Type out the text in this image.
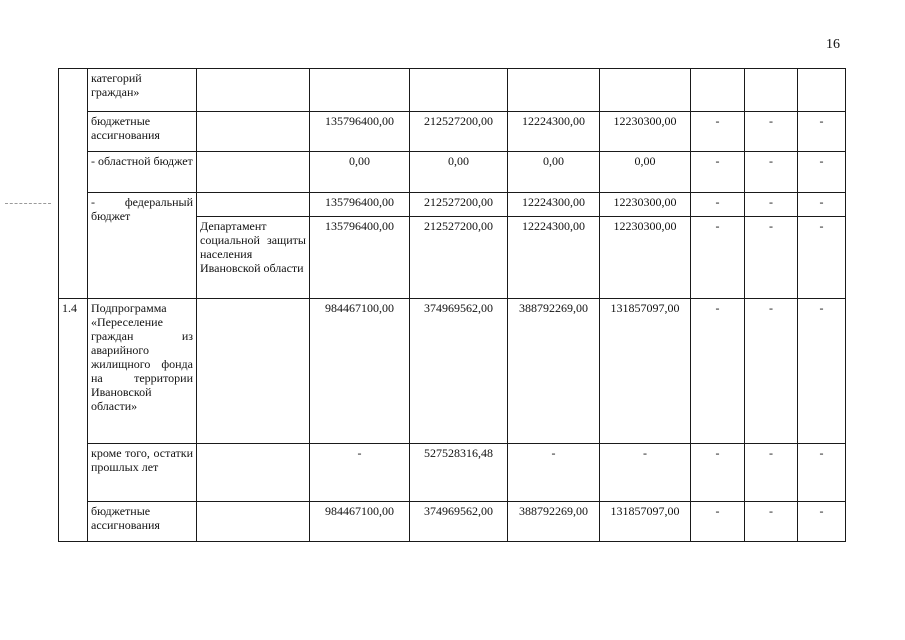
16
	категорий граждан»								
	бюджетные ассигнования		135796400,00	212527200,00	12224300,00	12230300,00	-	-	-
	- областной бюджет		0,00	0,00	0,00	0,00	-	-	-
	- федеральный бюджет		135796400,00	212527200,00	12224300,00	12230300,00	-	-	-
		Департамент социальной защиты населения Ивановской области	135796400,00	212527200,00	12224300,00	12230300,00	-	-	-
1.4	Подпрограмма «Переселение граждан из аварийного жилищного фонда на территории Ивановской области»		984467100,00	374969562,00	388792269,00	131857097,00	-	-	-
	кроме того, остатки прошлых лет		-	527528316,48	-	-	-	-	-
	бюджетные ассигнования		984467100,00	374969562,00	388792269,00	131857097,00	-	-	-
